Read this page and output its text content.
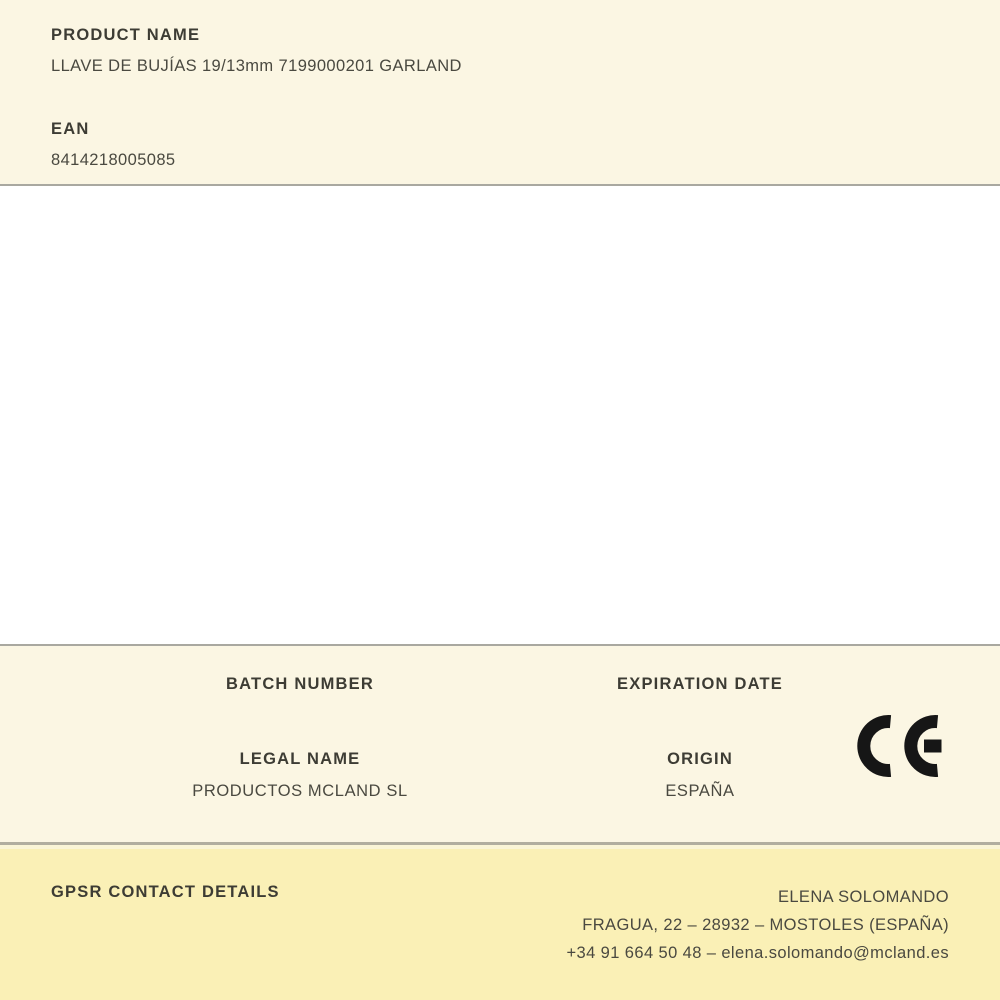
PRODUCT NAME
LLAVE DE BUJÍAS 19/13mm 7199000201 GARLAND
EAN
8414218005085
BATCH NUMBER	EXPIRATION DATE
LEGAL NAME
PRODUCTOS MCLAND SL
ORIGIN
ESPAÑA
GPSR CONTACT DETAILS	ELENA SOLOMANDO
FRAGUA, 22 – 28932 – MOSTOLES (ESPAÑA)
+34 91 664 50 48 – elena.solomando@mcland.es
